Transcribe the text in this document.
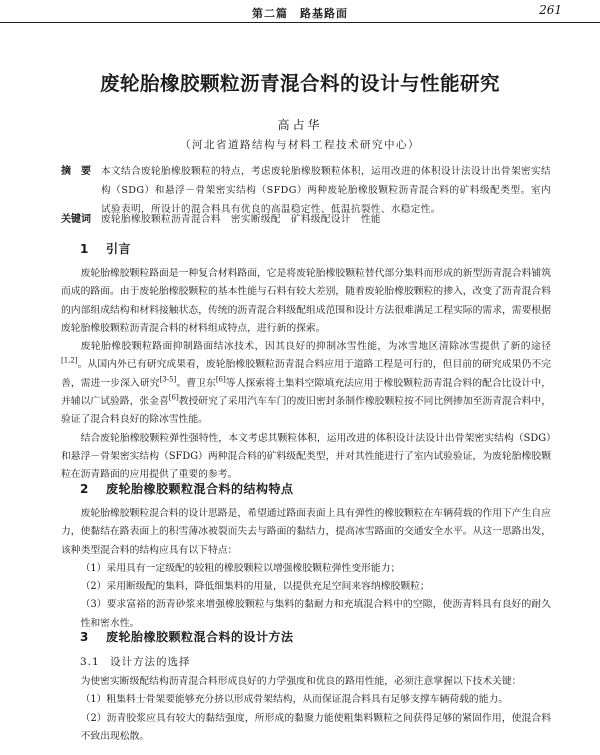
第二篇　路基路面	261
废轮胎橡胶颗粒沥青混合料的设计与性能研究
高占华
（河北省道路结构与材料工程技术研究中心）
摘　要	本文结合废轮胎橡胶颗粒的特点，考虑废轮胎橡胶颗粒体积，运用改进的体积设计法设计出骨架密实结构（SDG）和悬浮－骨架密实结构（SFDG）两种废轮胎橡胶颗粒沥青混合料的矿料级配类型。室内试验表明，所设计的混合料具有优良的高温稳定性、低温抗裂性、水稳定性。
关键词	废轮胎橡胶颗粒沥青混合料　密实断级配　矿料级配设计　性能
1 引言

废轮胎橡胶颗粒路面是一种复合材料路面，它是将废轮胎橡胶颗粒替代部分集料而形成的新型沥青混合料铺筑而成的路面。由于废轮胎橡胶颗粒的基本性能与石料有较大差别，随着废轮胎橡胶颗粒的掺入，改变了沥青混合料的内部组成结构和材料接触状态，传统的沥青混合料级配组成范围和设计方法很难满足工程实际的需求，需要根据废轮胎橡胶颗粒沥青混合料的材料组成特点，进行新的探索。

废轮胎橡胶颗粒路面抑制路面结冰技术，因其良好的抑制冰雪性能，为冰雪地区清除冰雪提供了新的途径[1,2]。从国内外已有研究成果看，废轮胎橡胶颗粒沥青混合料应用于道路工程是可行的，但目前的研究成果仍不完善，需进一步深入研究[3-5]。曹卫东[6]等人探索将土集料空隙填充法应用于橡胶颗粒沥青混合料的配合比设计中，并辅以广试验路，张金喜[6]教授研究了采用汽车车门的废旧密封条制作橡胶颗粒按不同比例掺加至沥青混合料中，验证了混合料良好的除冰雪性能。

结合废轮胎橡胶颗粒弹性强特性，本文考虑其颗粒体积，运用改进的体积设计法设计出骨架密实结构（SDG）和悬浮－骨架密实结构（SFDG）两种混合料的矿料级配类型，并对其性能进行了室内试验验证，为废轮胎橡胶颗粒在沥青路面的应用提供了重要的参考。

2 废轮胎橡胶颗粒混合料的结构特点

废轮胎橡胶颗粒混合料的设计思路是，希望通过路面表面上具有弹性的橡胶颗粒在车辆荷载的作用下产生自应力，使黏结在路表面上的积雪薄冰被裂而失去与路面的黏结力，提高冰雪路面的交通安全水平。从这一思路出发，该种类型混合料的结构应具有以下特点：

（1）采用具有一定级配的较粗的橡胶颗粒以增强橡胶颗粒弹性变形能力；

（2）采用断级配的集料，降低细集料的用量，以提供充足空间来容纳橡胶颗粒；

（3）要求富裕的沥青砂浆来增强橡胶颗粒与集料的黏耐力和充填混合料中的空隙，使沥青料具有良好的耐久性和密水性。

3 废轮胎橡胶颗粒混合料的设计方法
3.1 设计方法的选择

为使密实断级配结构沥青混合料形成良好的力学强度和优良的路用性能，必须注意掌握以下技术关键：

（1）粗集料士骨架要能够充分挤以形成骨架结构，从而保证混合料具有足够支撑车辆荷载的能力。

（2）沥青胶浆应具有较大的黏结强度，所形成的黏聚力能使粗集料颗粒之间获得足够的紧固作用，使混合料不致出现松散。
